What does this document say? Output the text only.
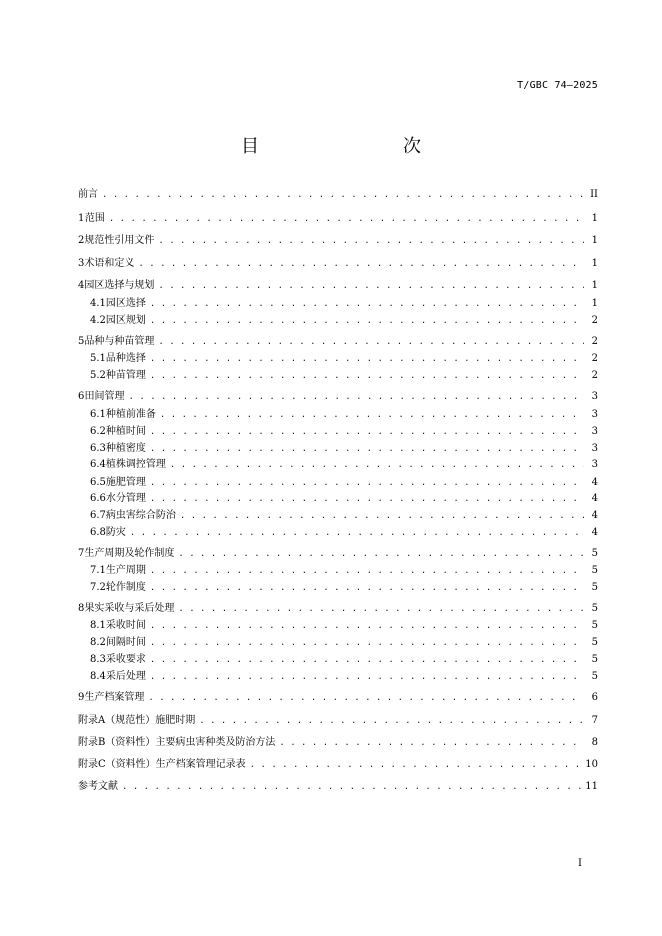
T/GBC 74—2025
目　　次
前言 . . .	II
1 范围 . . .	1
2 规范性引用文件 . . .	1
3 术语和定义 . . .	1
4 园区选择与规划 . . .	1
4.1 园区选择 . . .	1
4.2 园区规划 . . .	2
5 品种与种苗管理 . . .	2
5.1 品种选择 . . .	2
5.2 种苗管理 . . .	2
6 田间管理 . . .	3
6.1 种植前准备 . . .	3
6.2 种植时间 . . .	3
6.3 种植密度 . . .	3
6.4 植株调控管理 . . .	3
6.5 施肥管理 . . .	4
6.6 水分管理 . . .	4
6.7 病虫害综合防治 . . .	4
6.8 防灾 . . .	4
7 生产周期及轮作制度 . . .	5
7.1 生产周期 . . .	5
7.2 轮作制度 . . .	5
8 果实采收与采后处理 . . .	5
8.1 采收时间 . . .	5
8.2 间隔时间 . . .	5
8.3 采收要求 . . .	5
8.4 采后处理 . . .	5
9 生产档案管理 . . .	6
附录A（规范性） 施肥时期 . . .	7
附录B（资料性） 主要病虫害种类及防治方法 . . .	8
附录C（资料性） 生产档案管理记录表 . . .	10
参考文献 . . .	11
I
